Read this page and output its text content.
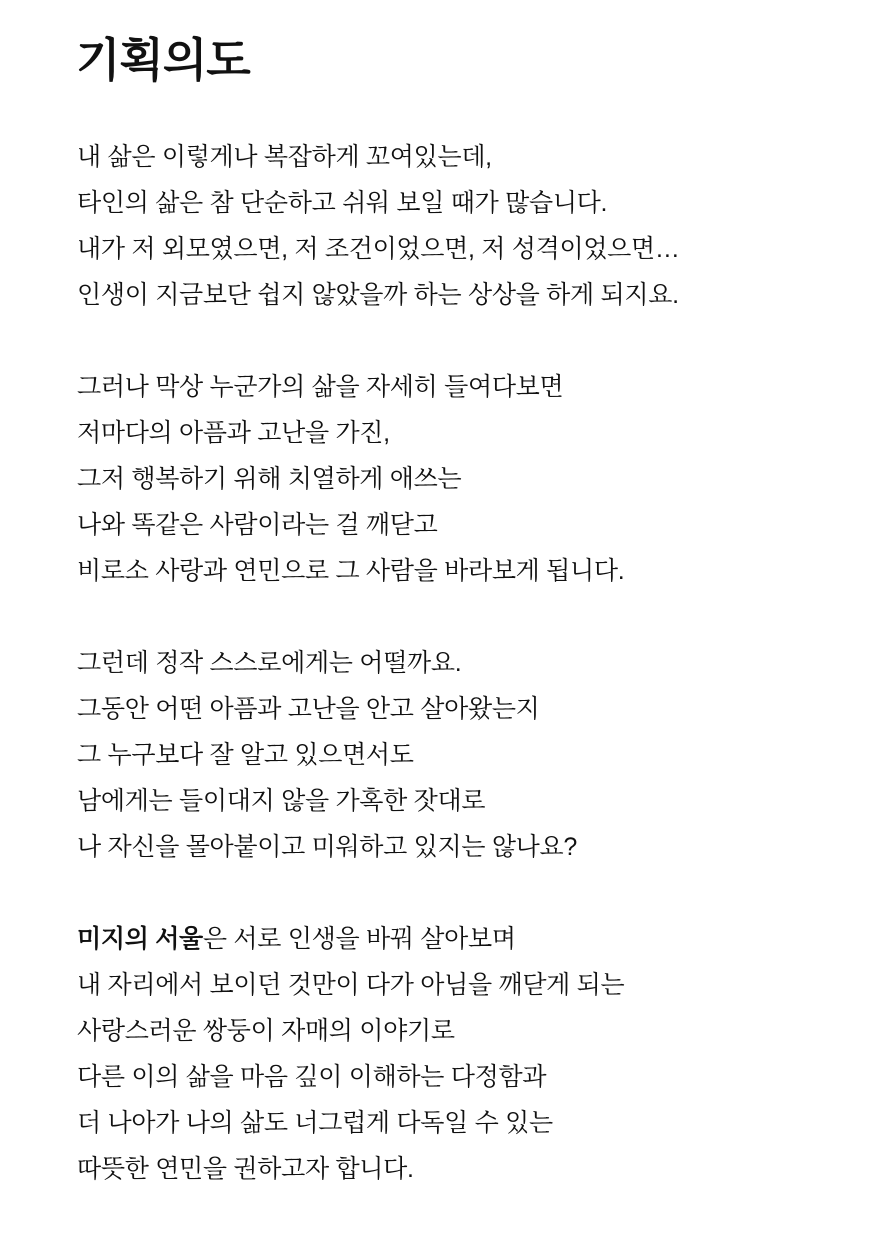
기획의도
내 삶은 이렇게나 복잡하게 꼬여있는데,
타인의 삶은 참 단순하고 쉬워 보일 때가 많습니다.
내가 저 외모였으면, 저 조건이었으면, 저 성격이었으면…
인생이 지금보단 쉽지 않았을까 하는 상상을 하게 되지요.
그러나 막상 누군가의 삶을 자세히 들여다보면
저마다의 아픔과 고난을 가진,
그저 행복하기 위해 치열하게 애쓰는
나와 똑같은 사람이라는 걸 깨닫고
비로소 사랑과 연민으로 그 사람을 바라보게 됩니다.
그런데 정작 스스로에게는 어떨까요.
그동안 어떤 아픔과 고난을 안고 살아왔는지
그 누구보다 잘 알고 있으면서도
남에게는 들이대지 않을 가혹한 잣대로
나 자신을 몰아붙이고 미워하고 있지는 않나요?
미지의 서울은 서로 인생을 바꿔 살아보며
내 자리에서 보이던 것만이 다가 아님을 깨닫게 되는
사랑스러운 쌍둥이 자매의 이야기로
다른 이의 삶을 마음 깊이 이해하는 다정함과
더 나아가 나의 삶도 너그럽게 다독일 수 있는
따뜻한 연민을 권하고자 합니다.
